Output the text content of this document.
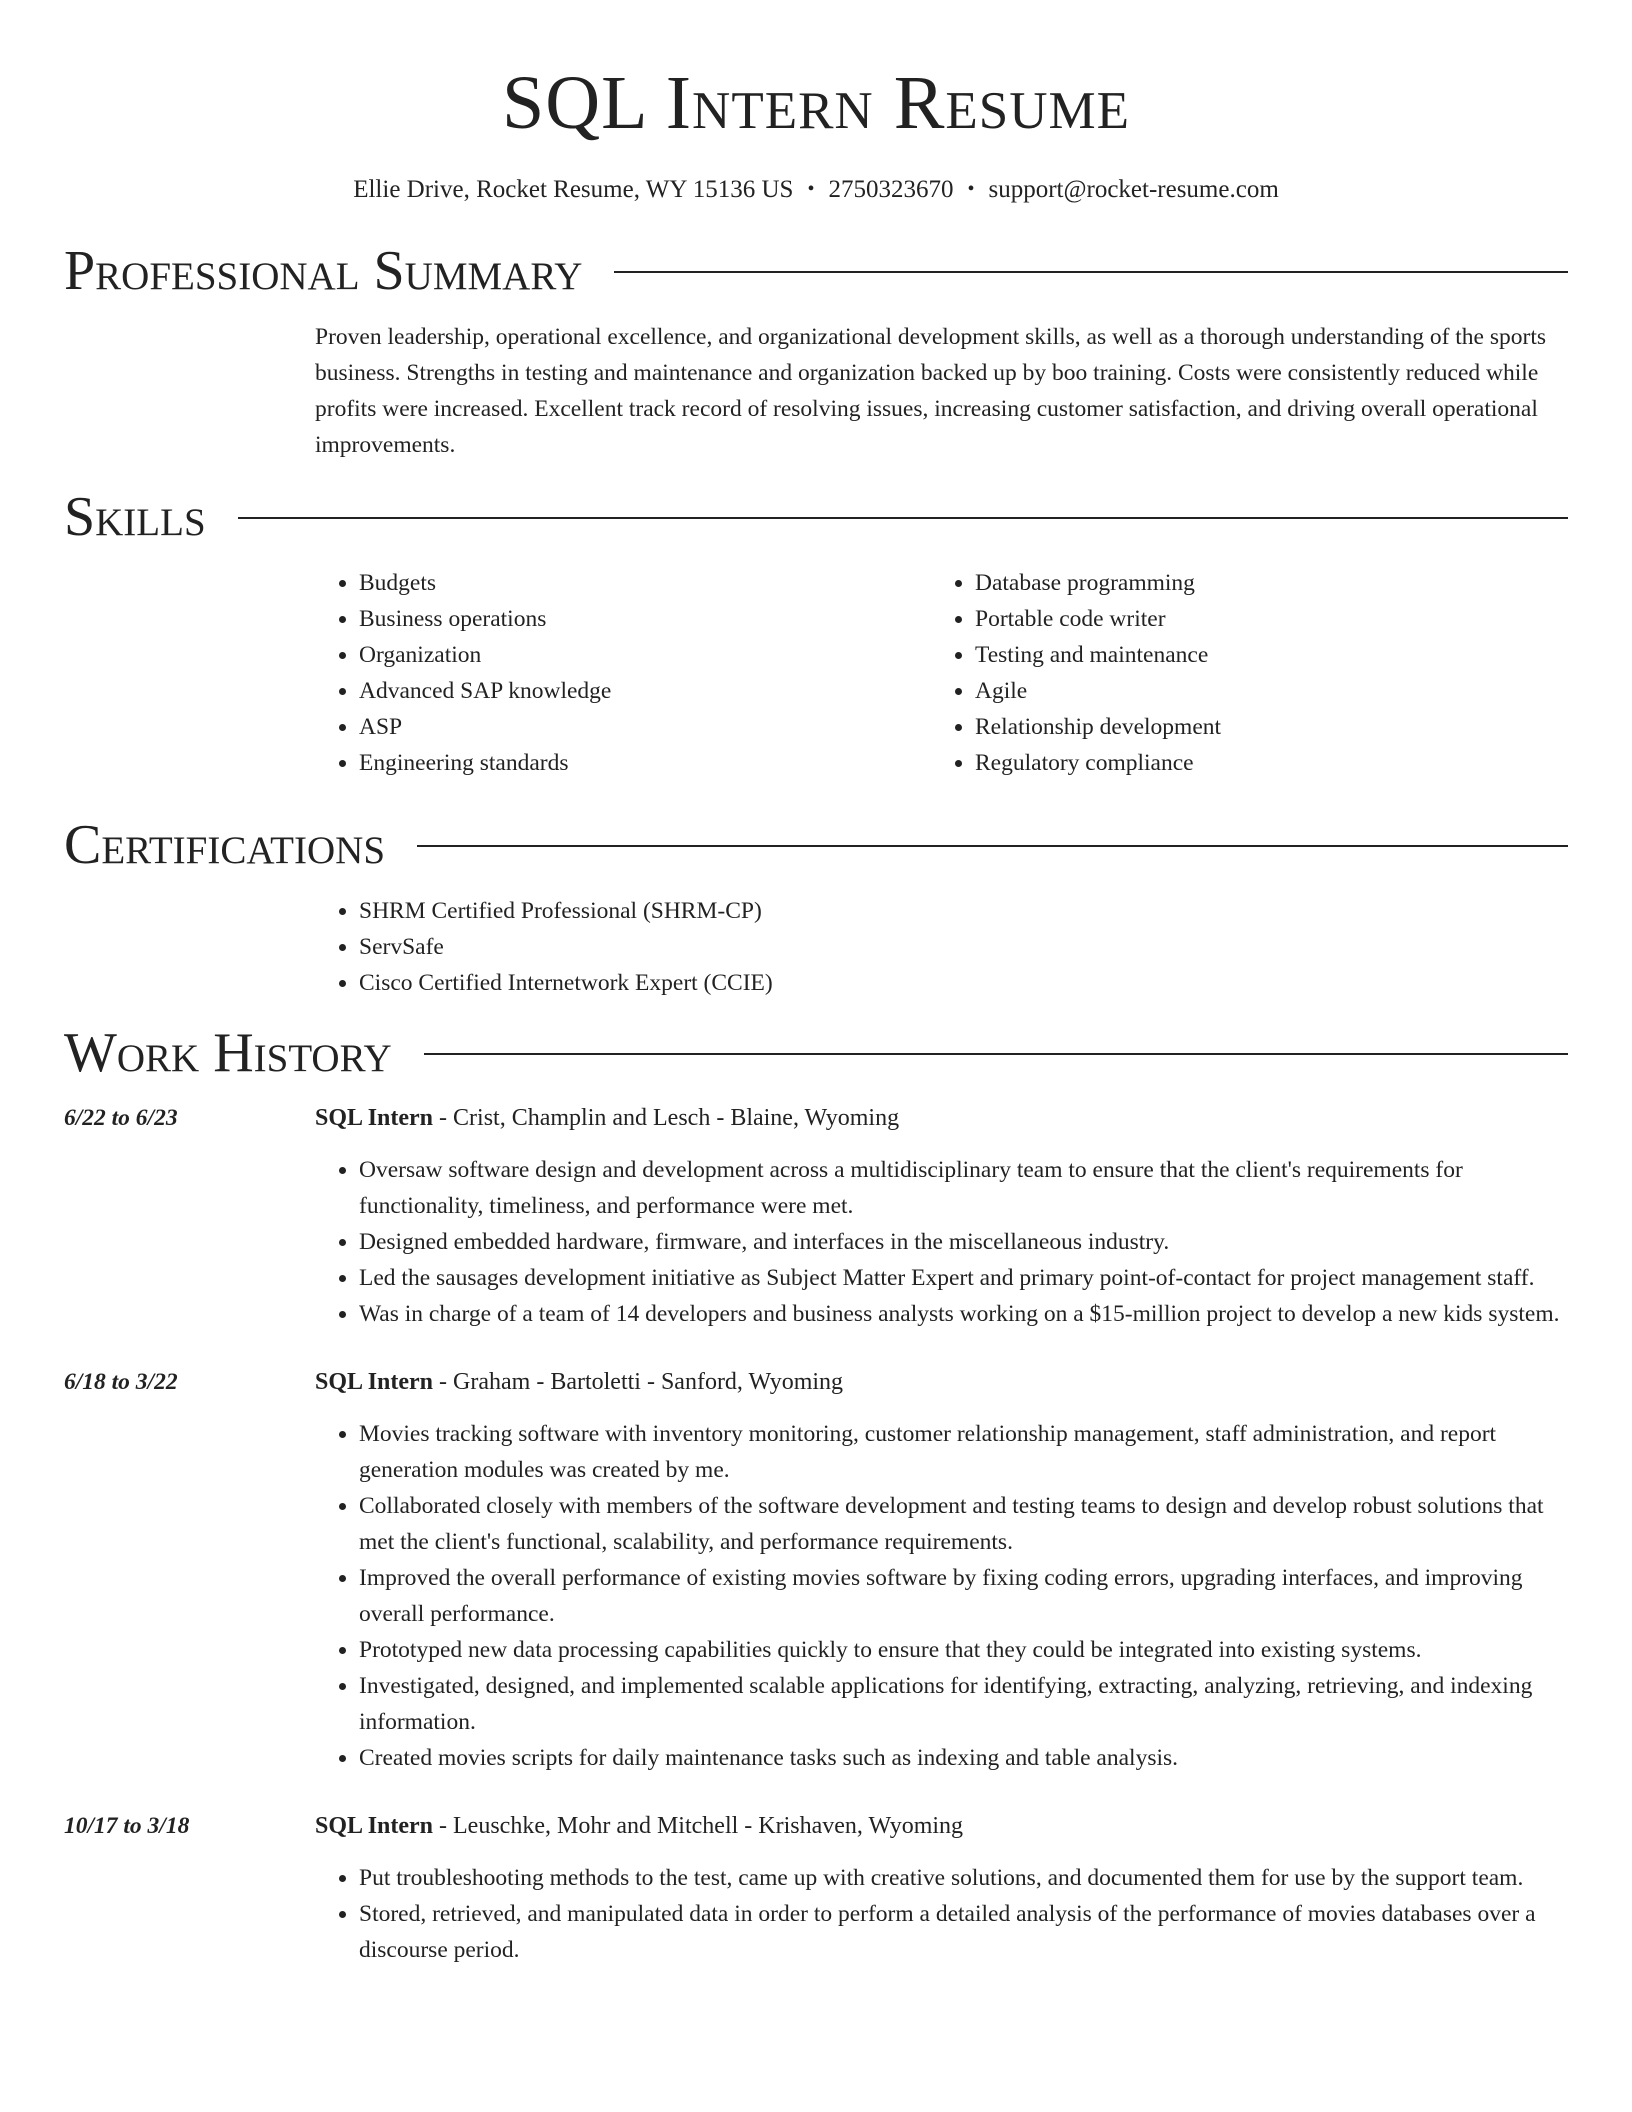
SQL Intern Resume
Ellie Drive, Rocket Resume, WY 15136 US • 2750323670 • support@rocket-resume.com
Professional Summary

Proven leadership, operational excellence, and organizational development skills, as well as a thorough understanding of the sports business. Strengths in testing and maintenance and organization backed up by boo training. Costs were consistently reduced while profits were increased. Excellent track record of resolving issues, increasing customer satisfaction, and driving overall operational improvements.

Skills
• Budgets
• Business operations
• Organization
• Advanced SAP knowledge
• ASP
• Engineering standards
• Database programming
• Portable code writer
• Testing and maintenance
• Agile
• Relationship development
• Regulatory compliance
Certifications
• SHRM Certified Professional (SHRM-CP)
• ServSafe
• Cisco Certified Internetwork Expert (CCIE)
Work History
6/22 to 6/23	SQL Intern - Crist, Champlin and Lesch - Blaine, Wyoming
• Oversaw software design and development across a multidisciplinary team to ensure that the client's requirements for functionality, timeliness, and performance were met.
• Designed embedded hardware, firmware, and interfaces in the miscellaneous industry.
• Led the sausages development initiative as Subject Matter Expert and primary point-of-contact for project management staff.
• Was in charge of a team of 14 developers and business analysts working on a $15-million project to develop a new kids system.
6/18 to 3/22	SQL Intern - Graham - Bartoletti - Sanford, Wyoming
• Movies tracking software with inventory monitoring, customer relationship management, staff administration, and report generation modules was created by me.
• Collaborated closely with members of the software development and testing teams to design and develop robust solutions that met the client's functional, scalability, and performance requirements.
• Improved the overall performance of existing movies software by fixing coding errors, upgrading interfaces, and improving overall performance.
• Prototyped new data processing capabilities quickly to ensure that they could be integrated into existing systems.
• Investigated, designed, and implemented scalable applications for identifying, extracting, analyzing, retrieving, and indexing information.
• Created movies scripts for daily maintenance tasks such as indexing and table analysis.
10/17 to 3/18	SQL Intern - Leuschke, Mohr and Mitchell - Krishaven, Wyoming
• Put troubleshooting methods to the test, came up with creative solutions, and documented them for use by the support team.
• Stored, retrieved, and manipulated data in order to perform a detailed analysis of the performance of movies databases over a discourse period.
